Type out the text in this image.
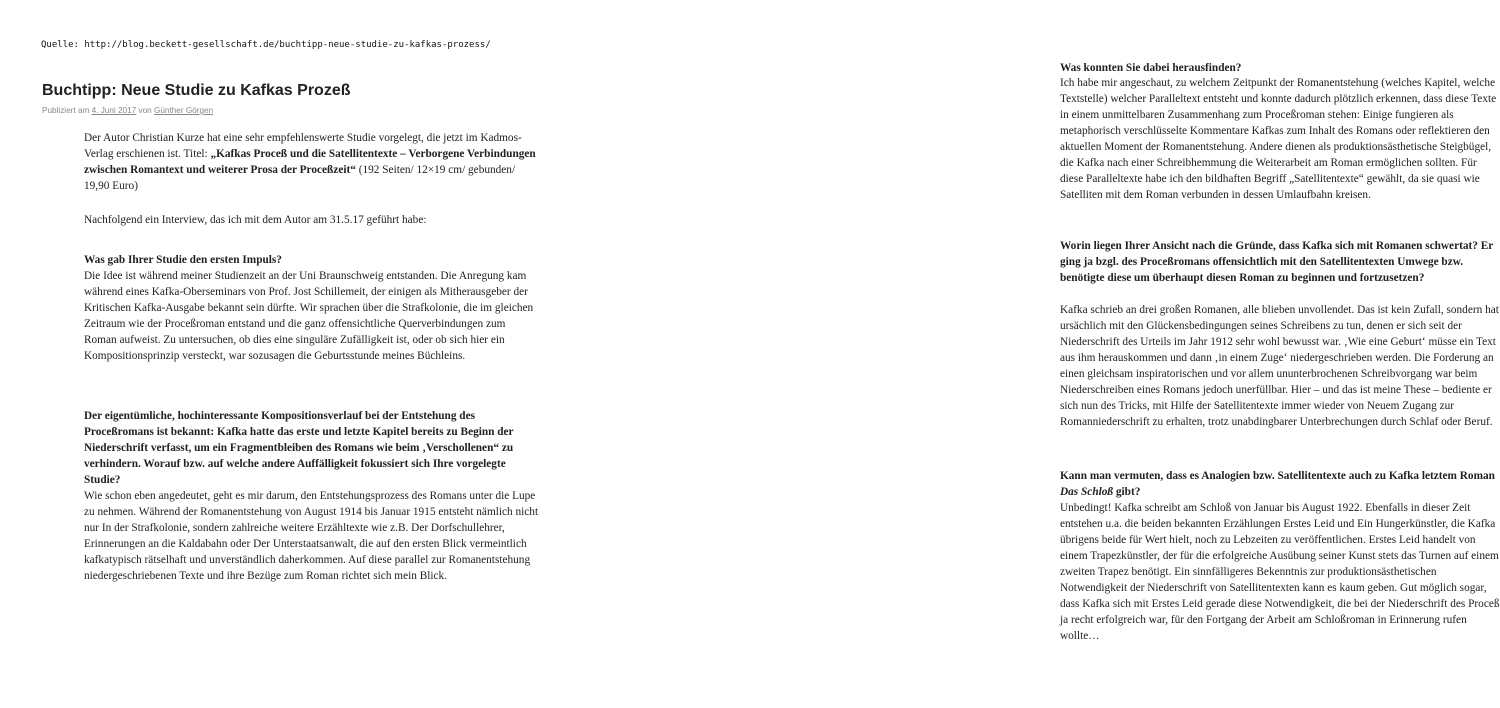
Quelle: http://blog.beckett-gesellschaft.de/buchtipp-neue-studie-zu-kafkas-prozess/
Buchtipp: Neue Studie zu Kafkas Prozeß
Publiziert am 4. Juni 2017 von Günther Görgen

Der Autor Christian Kurze hat eine sehr empfehlenswerte Studie vorgelegt, die jetzt im Kadmos-Verlag erschienen ist. Titel: „Kafkas Proceß und die Satellitentexte – Verborgene Verbindungen zwischen Romantext und weiterer Prosa der Proceßzeit“ (192 Seiten/ 12×19 cm/ gebunden/ 19,90 Euro)

Nachfolgend ein Interview, das ich mit dem Autor am 31.5.17 geführt habe:

Was gab Ihrer Studie den ersten Impuls?

Die Idee ist während meiner Studienzeit an der Uni Braunschweig entstanden. Die Anregung kam während eines Kafka-Oberseminars von Prof. Jost Schillemeit, der einigen als Mitherausgeber der Kritischen Kafka-Ausgabe bekannt sein dürfte. Wir sprachen über die Strafkolonie, die im gleichen Zeitraum wie der Proceßroman entstand und die ganz offensichtliche Querverbindungen zum Roman aufweist. Zu untersuchen, ob dies eine singuläre Zufälligkeit ist, oder ob sich hier ein Kompositionsprinzip versteckt, war sozusagen die Geburtsstunde meines Büchleins.

Der eigentümliche, hochinteressante Kompositionsverlauf bei der Entstehung des Proceßromans ist bekannt: Kafka hatte das erste und letzte Kapitel bereits zu Beginn der Niederschrift verfasst, um ein Fragmentbleiben des Romans wie beim ‚Verschollenen“ zu verhindern. Worauf bzw. auf welche andere Auffälligkeit fokussiert sich Ihre vorgelegte Studie?

Wie schon eben angedeutet, geht es mir darum, den Entstehungsprozess des Romans unter die Lupe zu nehmen. Während der Romanentstehung von August 1914 bis Januar 1915 entsteht nämlich nicht nur In der Strafkolonie, sondern zahlreiche weitere Erzähltexte wie z.B. Der Dorfschullehrer, Erinnerungen an die Kaldabahn oder Der Unterstaatsanwalt, die auf den ersten Blick vermeintlich kafkatypisch rätselhaft und unverständlich daherkommen. Auf diese parallel zur Romanentstehung niedergeschriebenen Texte und ihre Bezüge zum Roman richtet sich mein Blick.

Was konnten Sie dabei herausfinden?

Ich habe mir angeschaut, zu welchem Zeitpunkt der Romanentstehung (welches Kapitel, welche Textstelle) welcher Paralleltext entsteht und konnte dadurch plötzlich erkennen, dass diese Texte in einem unmittelbaren Zusammenhang zum Proceßroman stehen: Einige fungieren als metaphorisch verschlüsselte Kommentare Kafkas zum Inhalt des Romans oder reflektieren den aktuellen Moment der Romanentstehung. Andere dienen als produktionsästhetische Steigbügel, die Kafka nach einer Schreibhemmung die Weiterarbeit am Roman ermöglichen sollten. Für diese Paralleltexte habe ich den bildhaften Begriff „Satellitentexte“ gewählt, da sie quasi wie Satelliten mit dem Roman verbunden in dessen Umlaufbahn kreisen.

Worin liegen Ihrer Ansicht nach die Gründe, dass Kafka sich mit Romanen schwertat? Er ging ja bzgl. des Proceßromans offensichtlich mit den Satellitentexten Umwege bzw. benötigte diese um überhaupt diesen Roman zu beginnen und fortzusetzen?

Kafka schrieb an drei großen Romanen, alle blieben unvollendet. Das ist kein Zufall, sondern hat ursächlich mit den Glückensbedingungen seines Schreibens zu tun, denen er sich seit der Niederschrift des Urteils im Jahr 1912 sehr wohl bewusst war. ‚Wie eine Geburt‘ müsse ein Text aus ihm herauskommen und dann ‚in einem Zuge‘ niedergeschrieben werden. Die Forderung an einen gleichsam inspiratorischen und vor allem ununterbrochenen Schreibvorgang war beim Niederschreiben eines Romans jedoch unerfüllbar. Hier – und das ist meine These – bediente er sich nun des Tricks, mit Hilfe der Satellitentexte immer wieder von Neuem Zugang zur Romanniederschrift zu erhalten, trotz unabdingbarer Unterbrechungen durch Schlaf oder Beruf.

Kann man vermuten, dass es Analogien bzw. Satellitentexte auch zu Kafka letztem Roman Das Schloß gibt?

Unbedingt! Kafka schreibt am Schloß von Januar bis August 1922. Ebenfalls in dieser Zeit entstehen u.a. die beiden bekannten Erzählungen Erstes Leid und Ein Hungerkünstler, die Kafka übrigens beide für Wert hielt, noch zu Lebzeiten zu veröffentlichen. Erstes Leid handelt von einem Trapezkünstler, der für die erfolgreiche Ausübung seiner Kunst stets das Turnen auf einem zweiten Trapez benötigt. Ein sinnfälligeres Bekenntnis zur produktionsästhetischen Notwendigkeit der Niederschrift von Satellitentexten kann es kaum geben. Gut möglich sogar, dass Kafka sich mit Erstes Leid gerade diese Notwendigkeit, die bei der Niederschrift des Proceß ja recht erfolgreich war, für den Fortgang der Arbeit am Schloßroman in Erinnerung rufen wollte…
